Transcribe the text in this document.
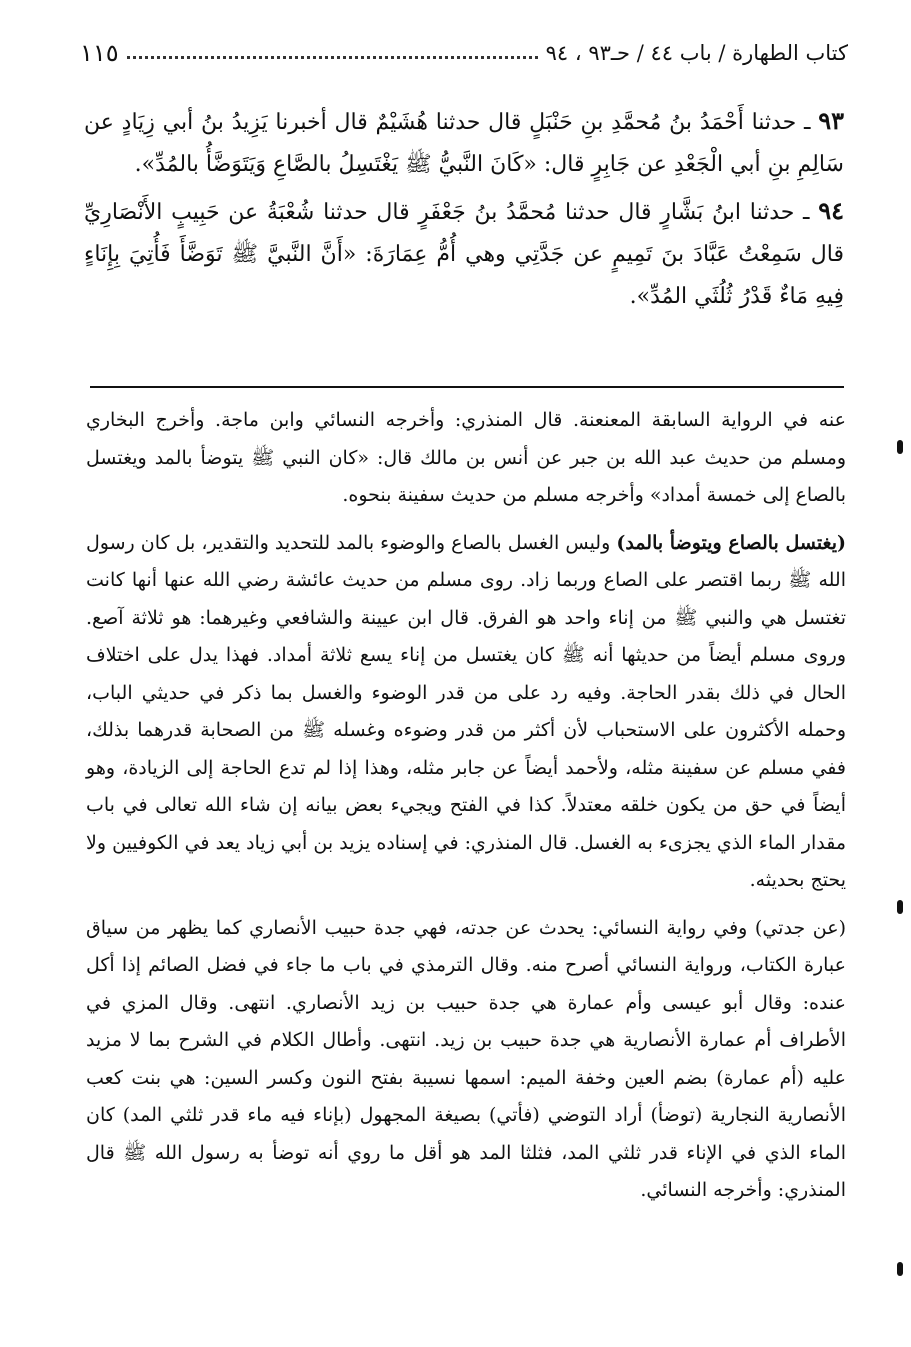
١١٥	كتاب الطهارة / باب ٤٤ / حـ٩٣ ، ٩٤

٩٣ ـ حدثنا أَحْمَدُ بنُ مُحمَّدِ بنِ حَنْبَلٍ قال حدثنا هُشَيْمٌ قال أخبرنا يَزِيدُ بنُ أبي زِيَادٍ عن سَالِمِ بنِ أبي الْجَعْدِ عن جَابِرٍ قال: «كَانَ النَّبيُّ ﷺ يَغْتَسِلُ بالصَّاعِ وَيَتَوَضَّأُ بالمُدِّ».

٩٤ ـ حدثنا ابنُ بَشَّارٍ قال حدثنا مُحمَّدُ بنُ جَعْفَرٍ قال حدثنا شُعْبَةُ عن حَبِيبٍ الأَنْصَارِيِّ قال سَمِعْتُ عَبَّادَ بنَ تَمِيمٍ عن جَدَّتِي وهي أُمُّ عِمَارَةَ: «أَنَّ النَّبيَّ ﷺ تَوَضَّأَ فَأُتِيَ بِإِنَاءٍ فِيهِ مَاءٌ قَدْرُ ثُلُثَي المُدِّ».

عنه في الرواية السابقة المعنعنة. قال المنذري: وأخرجه النسائي وابن ماجة. وأخرج البخاري ومسلم من حديث عبد الله بن جبر عن أنس بن مالك قال: «كان النبي ﷺ يتوضأ بالمد ويغتسل بالصاع إلى خمسة أمداد» وأخرجه مسلم من حديث سفينة بنحوه.

(يغتسل بالصاع ويتوضأ بالمد) وليس الغسل بالصاع والوضوء بالمد للتحديد والتقدير، بل كان رسول الله ﷺ ربما اقتصر على الصاع وربما زاد. روى مسلم من حديث عائشة رضي الله عنها أنها كانت تغتسل هي والنبي ﷺ من إناء واحد هو الفرق. قال ابن عيينة والشافعي وغيرهما: هو ثلاثة آصع. وروى مسلم أيضاً من حديثها أنه ﷺ كان يغتسل من إناء يسع ثلاثة أمداد. فهذا يدل على اختلاف الحال في ذلك بقدر الحاجة. وفيه رد على من قدر الوضوء والغسل بما ذكر في حديثي الباب، وحمله الأكثرون على الاستحباب لأن أكثر من قدر وضوءه وغسله ﷺ من الصحابة قدرهما بذلك، ففي مسلم عن سفينة مثله، ولأحمد أيضاً عن جابر مثله، وهذا إذا لم تدع الحاجة إلى الزيادة، وهو أيضاً في حق من يكون خلقه معتدلاً. كذا في الفتح ويجيء بعض بيانه إن شاء الله تعالى في باب مقدار الماء الذي يجزىء به الغسل. قال المنذري: في إسناده يزيد بن أبي زياد يعد في الكوفيين ولا يحتج بحديثه.

(عن جدتي) وفي رواية النسائي: يحدث عن جدته، فهي جدة حبيب الأنصاري كما يظهر من سياق عبارة الكتاب، ورواية النسائي أصرح منه. وقال الترمذي في باب ما جاء في فضل الصائم إذا أكل عنده: وقال أبو عيسى وأم عمارة هي جدة حبيب بن زيد الأنصاري. انتهى. وقال المزي في الأطراف أم عمارة الأنصارية هي جدة حبيب بن زيد. انتهى. وأطال الكلام في الشرح بما لا مزيد عليه (أم عمارة) بضم العين وخفة الميم: اسمها نسيبة بفتح النون وكسر السين: هي بنت كعب الأنصارية النجارية (توضأ) أراد التوضي (فأتي) بصيغة المجهول (بإناء فيه ماء قدر ثلثي المد) كان الماء الذي في الإناء قدر ثلثي المد، فثلثا المد هو أقل ما روي أنه توضأ به رسول الله ﷺ قال المنذري: وأخرجه النسائي.
